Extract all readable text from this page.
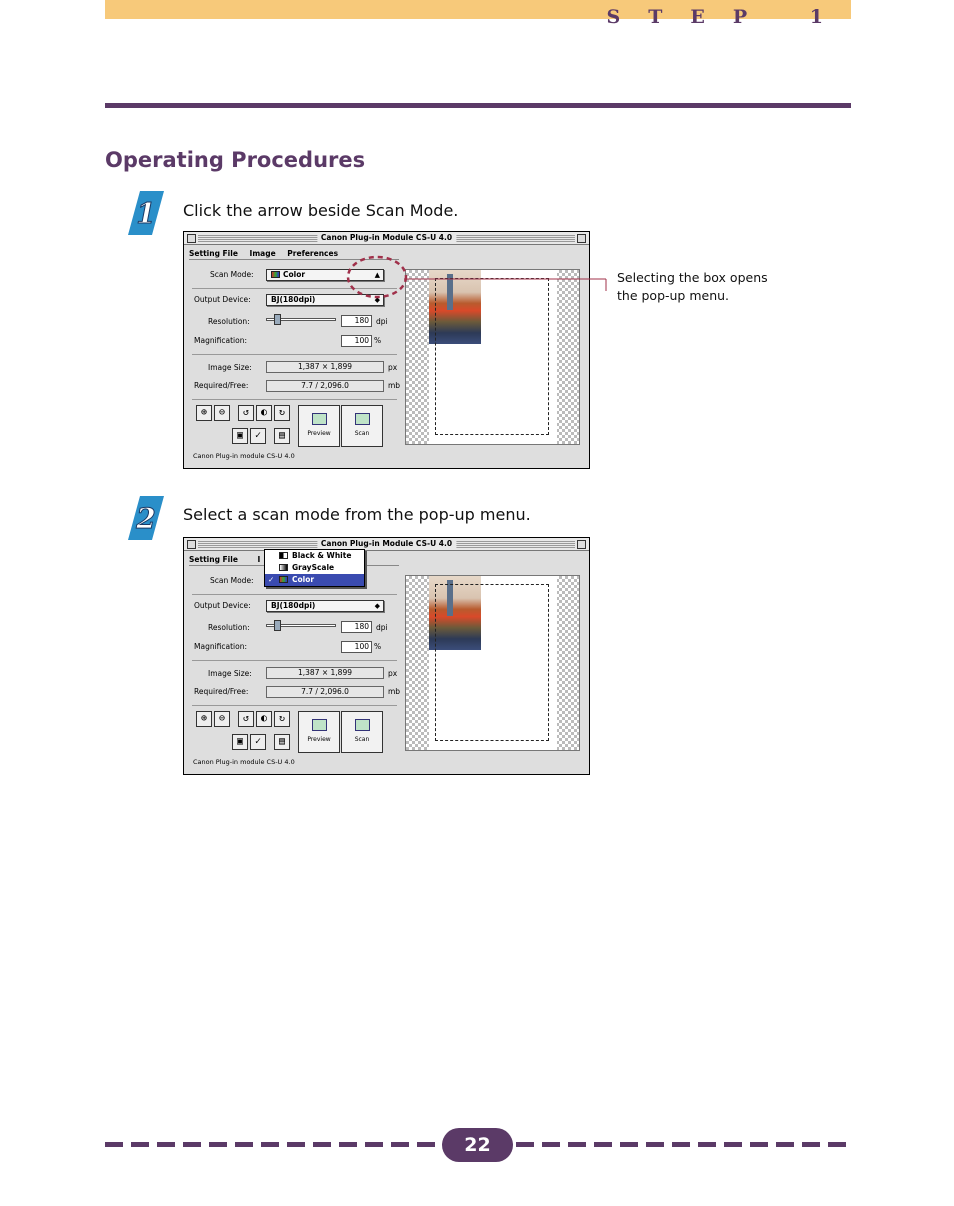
STEP 1
Operating Procedures
1 Click the arrow beside Scan Mode.
Canon Plug-in Module CS-U 4.0
Setting File Image Preferences
Scan Mode:	Color	▲

Output Device:	BJ(180dpi)	◆
Resolution:	180 dpi
Magnification:	100 %
Image Size:	1,387 × 1,899	px
Required/Free:	7.7 / 2,096.0	mb
⊕	⊖	↺	◐	↻
▣	✓	▤	Preview	Scan
Canon Plug-in module CS-U 4.0
Selecting the box opens
the pop-up menu.
2 Select a scan mode from the pop-up menu.
Canon Plug-in Module CS-U 4.0
Setting File	I
Scan Mode:
Output Device:	BJ(180dpi)	◆
Resolution:	180 dpi
Magnification:	100 %
Image Size:	1,387 × 1,899	px
Required/Free:	7.7 / 2,096.0	mb
⊕	⊖	↺	◐	↻
▣	✓	▤	Preview	Scan
Canon Plug-in module CS-U 4.0
Black & White
GrayScale
✓ Color
22
